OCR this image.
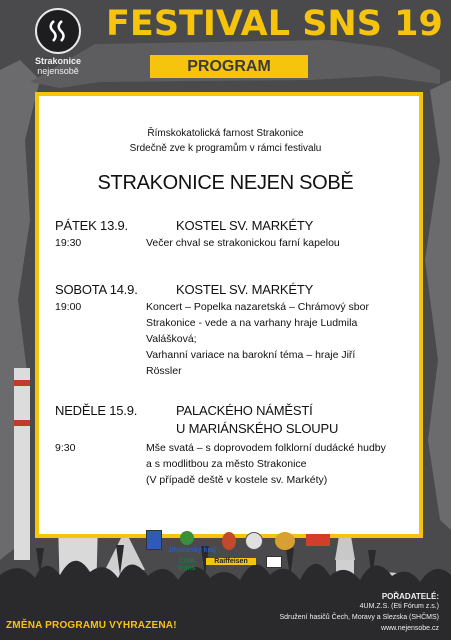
Strakonice
nejensobě
FESTIVAL SNS 19
PROGRAM
Římskokatolická farnost Strakonice
Srdečně zve k programům v rámci festivalu
STRAKONICE NEJEN SOBĚ
PÁTEK 13.9.	KOSTEL SV. MARKÉTY
19:30	Večer chval se strakonickou farní kapelou
SOBOTA 14.9.	KOSTEL SV. MARKÉTY
19:00	Koncert – Popelka nazaretská – Chrámový sbor
Strakonice - vede a na varhany hraje Ludmila
Valášková;
Varhanní variace na barokní téma – hraje Jiří
Rössler
NEDĚLE 15.9.	PALACKÉHO NÁMĚSTÍ
U MARIÁNSKÉHO SLOUPU
9:30	Mše svatá – s doprovodem folklorní dudácké hudby
a s modlitbou za město Strakonice
(V případě deště v kostele sv. Markéty)
Jihočeský kraj
CIVA trans
Raiffeisen
ZMĚNA PROGRAMU VYHRAZENA!
POŘADATELÉ:
4UM.Z.S. (Eti Fórum z.s.)
Sdružení hasičů Čech, Moravy a Slezska (SHČMS)
www.nejensobe.cz
